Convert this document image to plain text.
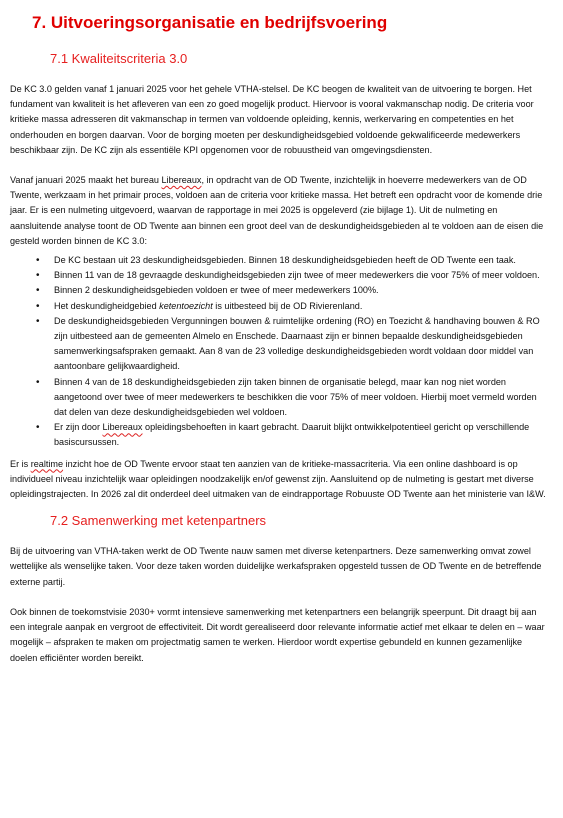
7. Uitvoeringsorganisatie en bedrijfsvoering
7.1 Kwaliteitscriteria 3.0

De KC 3.0 gelden vanaf 1 januari 2025 voor het gehele VTHA-stelsel. De KC beogen de kwaliteit van de uitvoering te borgen. Het fundament van kwaliteit is het afleveren van een zo goed mogelijk product. Hiervoor is vooral vakmanschap nodig. De criteria voor kritieke massa adresseren dit vakmanschap in termen van voldoende opleiding, kennis, werkervaring en competenties en het onderhouden en borgen daarvan. Voor de borging moeten per deskundigheidsgebied voldoende gekwalificeerde medewerkers beschikbaar zijn. De KC zijn als essentiële KPI opgenomen voor de robuustheid van omgevingsdiensten.

Vanaf januari 2025 maakt het bureau Libereaux, in opdracht van de OD Twente, inzichtelijk in hoeverre medewerkers van de OD Twente, werkzaam in het primair proces, voldoen aan de criteria voor kritieke massa. Het betreft een opdracht voor de komende drie jaar. Er is een nulmeting uitgevoerd, waarvan de rapportage in mei 2025 is opgeleverd (zie bijlage 1). Uit de nulmeting en aansluitende analyse toont de OD Twente aan binnen een groot deel van de deskundigheidsgebieden al te voldoen aan de eisen die gesteld worden binnen de KC 3.0:

• De KC bestaan uit 23 deskundigheidsgebieden. Binnen 18 deskundigheidsgebieden heeft de OD Twente een taak.
• Binnen 11 van de 18 gevraagde deskundigheidsgebieden zijn twee of meer medewerkers die voor 75% of meer voldoen.
• Binnen 2 deskundigheidsgebieden voldoen er twee of meer medewerkers 100%.
• Het deskundigheidgebied ketentoezicht is uitbesteed bij de OD Rivierenland.
• De deskundigheidsgebieden Vergunningen bouwen & ruimtelijke ordening (RO) en Toezicht & handhaving bouwen & RO zijn uitbesteed aan de gemeenten Almelo en Enschede. Daarnaast zijn er binnen bepaalde deskundigheidsgebieden samenwerkingsafspraken gemaakt. Aan 8 van de 23 volledige deskundigheidsgebieden wordt voldaan door middel van aantoonbare gelijkwaardigheid.
• Binnen 4 van de 18 deskundigheidsgebieden zijn taken binnen de organisatie belegd, maar kan nog niet worden aangetoond over twee of meer medewerkers te beschikken die voor 75% of meer voldoen. Hierbij moet vermeld worden dat delen van deze deskundigheidsgebieden wel voldoen.
• Er zijn door Libereaux opleidingsbehoeften in kaart gebracht. Daaruit blijkt ontwikkelpotentieel gericht op verschillende basiscursussen.

Er is realtime inzicht hoe de OD Twente ervoor staat ten aanzien van de kritieke-massacriteria. Via een online dashboard is op individueel niveau inzichtelijk waar opleidingen noodzakelijk en/of gewenst zijn. Aansluitend op de nulmeting is gestart met diverse opleidingstrajecten. In 2026 zal dit onderdeel deel uitmaken van de eindrapportage Robuuste OD Twente aan het ministerie van I&W.

7.2 Samenwerking met ketenpartners

Bij de uitvoering van VTHA-taken werkt de OD Twente nauw samen met diverse ketenpartners. Deze samenwerking omvat zowel wettelijke als wenselijke taken. Voor deze taken worden duidelijke werkafspraken opgesteld tussen de OD Twente en de betreffende externe partij.

Ook binnen de toekomstvisie 2030+ vormt intensieve samenwerking met ketenpartners een belangrijk speerpunt. Dit draagt bij aan een integrale aanpak en vergroot de effectiviteit. Dit wordt gerealiseerd door relevante informatie actief met elkaar te delen en – waar mogelijk – afspraken te maken om projectmatig samen te werken. Hierdoor wordt expertise gebundeld en kunnen gezamenlijke doelen efficiënter worden bereikt.
